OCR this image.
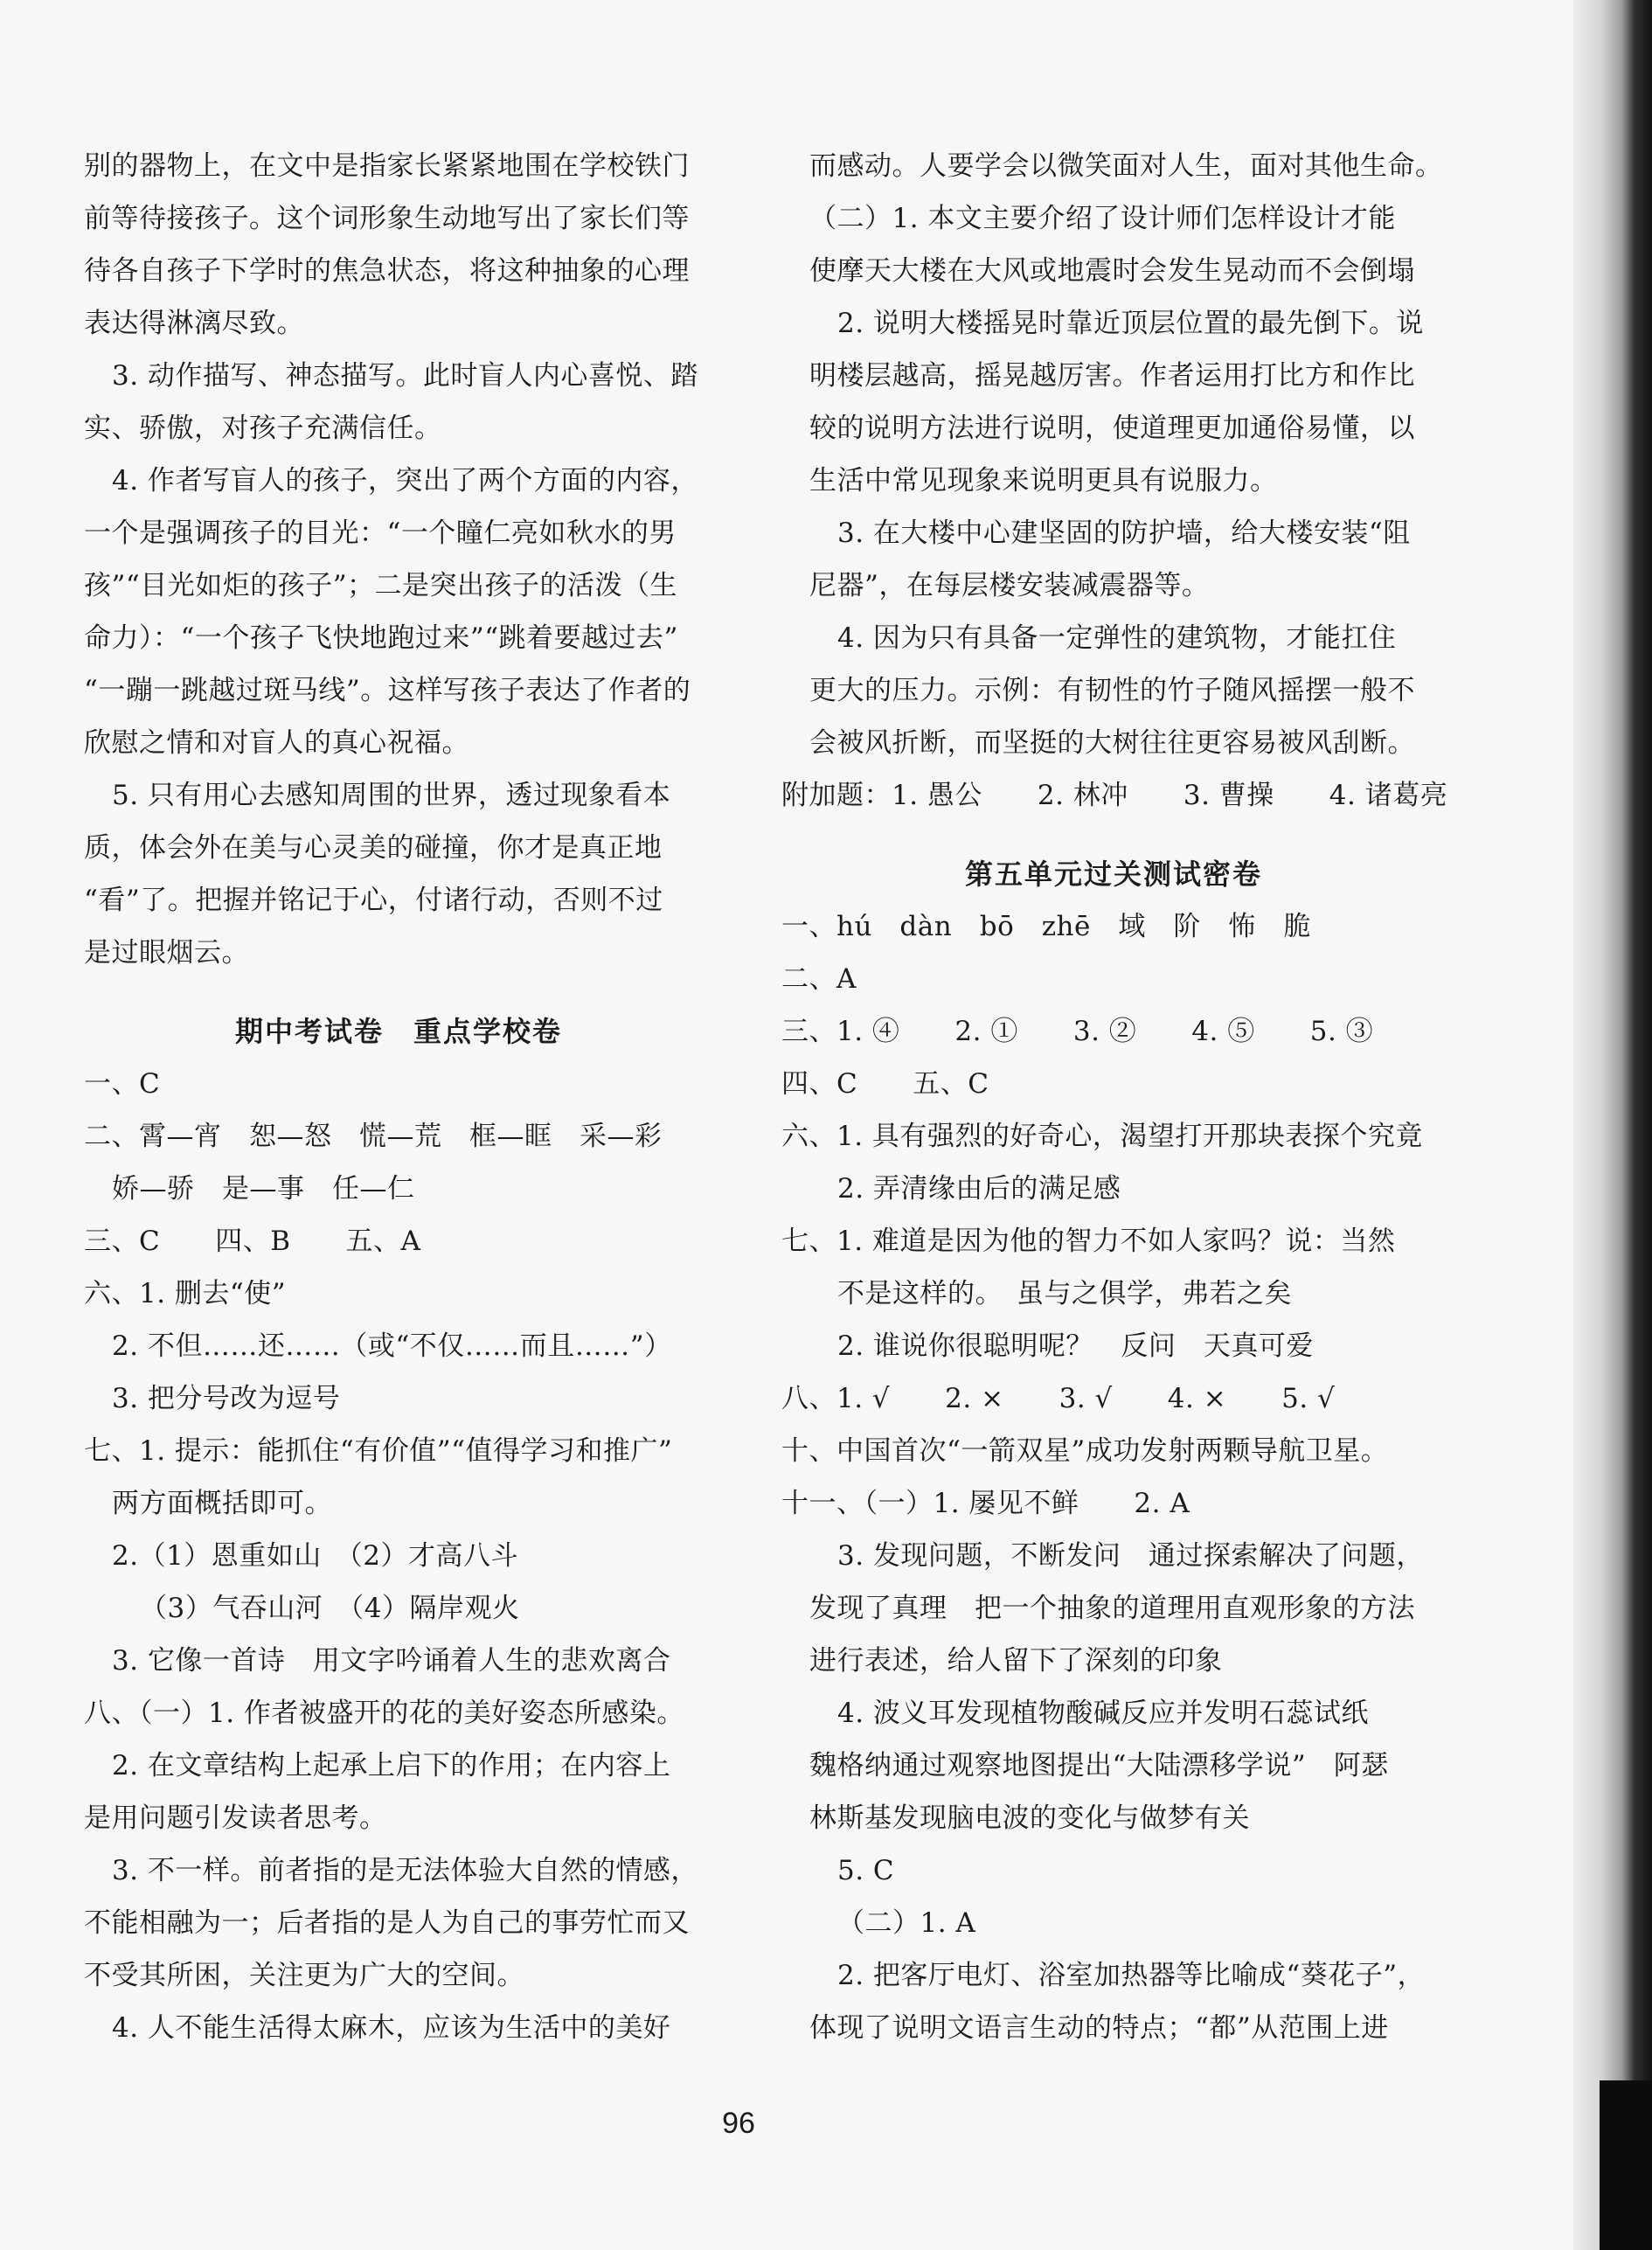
别的器物上，在文中是指家长紧紧地围在学校铁门
前等待接孩子。这个词形象生动地写出了家长们等
待各自孩子下学时的焦急状态，将这种抽象的心理
表达得淋漓尽致。
3. 动作描写、神态描写。此时盲人内心喜悦、踏
实、骄傲，对孩子充满信任。
4. 作者写盲人的孩子，突出了两个方面的内容，
一个是强调孩子的目光：“一个瞳仁亮如秋水的男
孩”“目光如炬的孩子”；二是突出孩子的活泼（生
命力）：“一个孩子飞快地跑过来”“跳着要越过去”
“一蹦一跳越过斑马线”。这样写孩子表达了作者的
欣慰之情和对盲人的真心祝福。
5. 只有用心去感知周围的世界，透过现象看本
质，体会外在美与心灵美的碰撞，你才是真正地
“看”了。把握并铭记于心，付诸行动，否则不过
是过眼烟云。
期中考试卷　重点学校卷
一、C
二、霄—宵　恕—怒　慌—荒　框—眶　采—彩
娇—骄　是—事　任—仁
三、C　　四、B　　五、A
六、1. 删去“使”
2. 不但……还……（或“不仅……而且……”）
3. 把分号改为逗号
七、1. 提示：能抓住“有价值”“值得学习和推广”
两方面概括即可。
2.（1）恩重如山　（2）才高八斗
（3）气吞山河　（4）隔岸观火
3. 它像一首诗　用文字吟诵着人生的悲欢离合
八、（一）1. 作者被盛开的花的美好姿态所感染。
2. 在文章结构上起承上启下的作用；在内容上
是用问题引发读者思考。
3. 不一样。前者指的是无法体验大自然的情感，
不能相融为一；后者指的是人为自己的事劳忙而又
不受其所困，关注更为广大的空间。
4. 人不能生活得太麻木，应该为生活中的美好
而感动。人要学会以微笑面对人生，面对其他生命。
（二）1. 本文主要介绍了设计师们怎样设计才能
使摩天大楼在大风或地震时会发生晃动而不会倒塌
2. 说明大楼摇晃时靠近顶层位置的最先倒下。说
明楼层越高，摇晃越厉害。作者运用打比方和作比
较的说明方法进行说明，使道理更加通俗易懂，以
生活中常见现象来说明更具有说服力。
3. 在大楼中心建坚固的防护墙，给大楼安装“阻
尼器”，在每层楼安装减震器等。
4. 因为只有具备一定弹性的建筑物，才能扛住
更大的压力。示例：有韧性的竹子随风摇摆一般不
会被风折断，而坚挺的大树往往更容易被风刮断。
附加题：1. 愚公　　2. 林冲　　3. 曹操　　4. 诸葛亮
第五单元过关测试密卷
一、hú　dàn　bō　zhē　域　阶　怖　脆
二、A
三、1. ④　　2. ①　　3. ②　　4. ⑤　　5. ③
四、C　　五、C
六、1. 具有强烈的好奇心，渴望打开那块表探个究竟
2. 弄清缘由后的满足感
七、1. 难道是因为他的智力不如人家吗？说：当然
不是这样的。　虽与之俱学，弗若之矣
2. 谁说你很聪明呢？　反问　天真可爱
八、1. √　　2. ×　　3. √　　4. ×　　5. √
十、中国首次“一箭双星”成功发射两颗导航卫星。
十一、（一）1. 屡见不鲜　　2. A
3. 发现问题，不断发问　通过探索解决了问题，
发现了真理　把一个抽象的道理用直观形象的方法
进行表述，给人留下了深刻的印象
4. 波义耳发现植物酸碱反应并发明石蕊试纸
魏格纳通过观察地图提出“大陆漂移学说”　阿瑟
林斯基发现脑电波的变化与做梦有关
5. C
（二）1. A
2. 把客厅电灯、浴室加热器等比喻成“葵花子”，
体现了说明文语言生动的特点；“都”从范围上进
96
